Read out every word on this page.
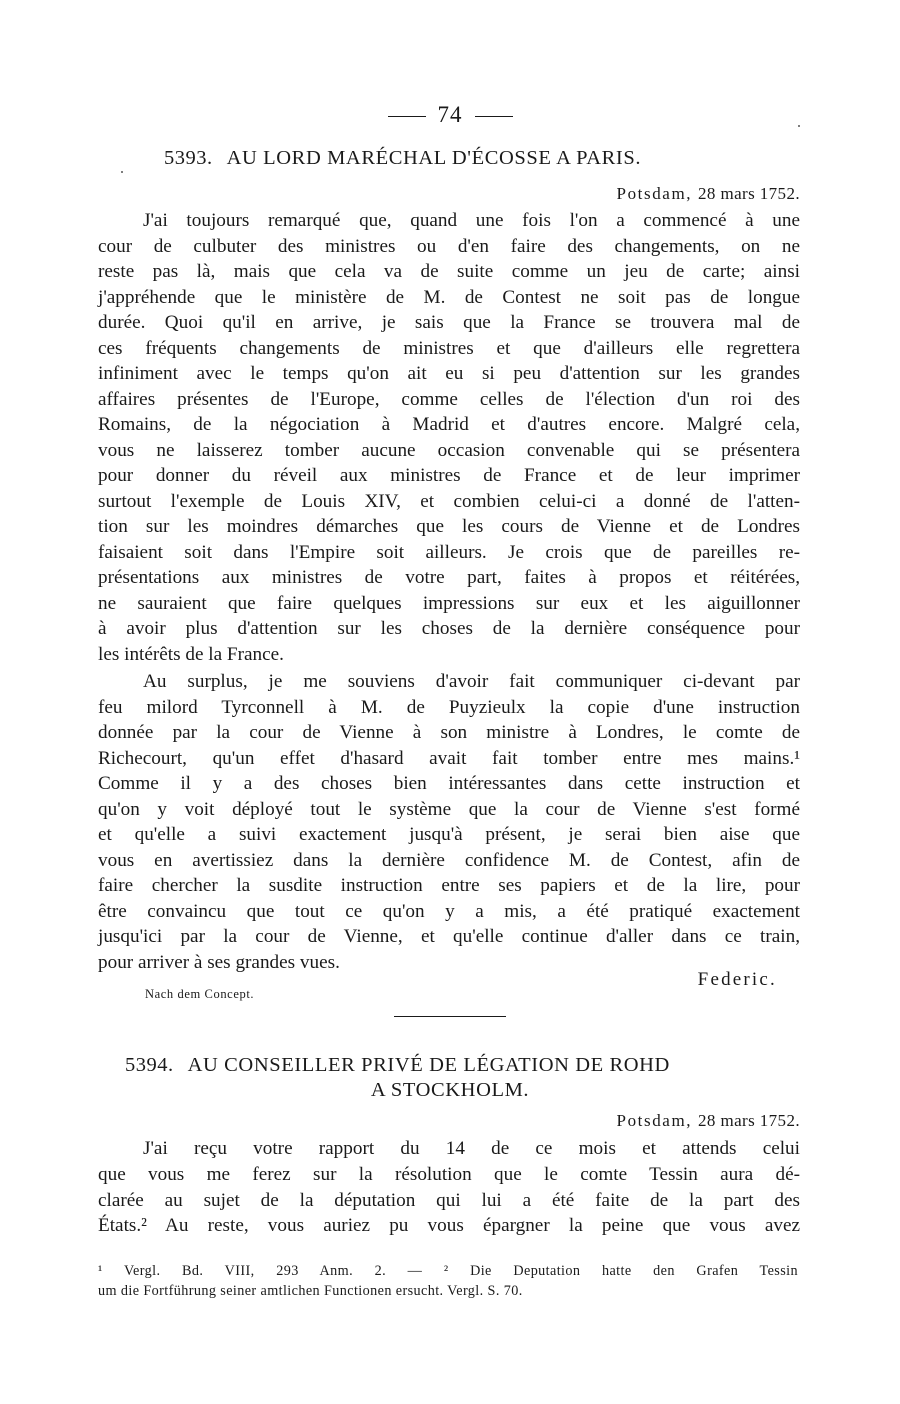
74
5393. AU LORD MARÉCHAL D'ÉCOSSE A PARIS.
Potsdam, 28 mars 1752.
J'ai toujours remarqué que, quand une fois l'on a commencé à une
cour de culbuter des ministres ou d'en faire des changements, on ne
reste pas là, mais que cela va de suite comme un jeu de carte; ainsi
j'appréhende que le ministère de M. de Contest ne soit pas de longue
durée. Quoi qu'il en arrive, je sais que la France se trouvera mal de
ces fréquents changements de ministres et que d'ailleurs elle regrettera
infiniment avec le temps qu'on ait eu si peu d'attention sur les grandes
affaires présentes de l'Europe, comme celles de l'élection d'un roi des
Romains, de la négociation à Madrid et d'autres encore. Malgré cela,
vous ne laisserez tomber aucune occasion convenable qui se présentera
pour donner du réveil aux ministres de France et de leur imprimer
surtout l'exemple de Louis XIV, et combien celui-ci a donné de l'atten-
tion sur les moindres démarches que les cours de Vienne et de Londres
faisaient soit dans l'Empire soit ailleurs. Je crois que de pareilles re-
présentations aux ministres de votre part, faites à propos et réitérées,
ne sauraient que faire quelques impressions sur eux et les aiguillonner
à avoir plus d'attention sur les choses de la dernière conséquence pour
les intérêts de la France.
Au surplus, je me souviens d'avoir fait communiquer ci-devant par
feu milord Tyrconnell à M. de Puyzieulx la copie d'une instruction
donnée par la cour de Vienne à son ministre à Londres, le comte de
Richecourt, qu'un effet d'hasard avait fait tomber entre mes mains.¹
Comme il y a des choses bien intéressantes dans cette instruction et
qu'on y voit déployé tout le système que la cour de Vienne s'est formé
et qu'elle a suivi exactement jusqu'à présent, je serai bien aise que
vous en avertissiez dans la dernière confidence M. de Contest, afin de
faire chercher la susdite instruction entre ses papiers et de la lire, pour
être convaincu que tout ce qu'on y a mis, a été pratiqué exactement
jusqu'ici par la cour de Vienne, et qu'elle continue d'aller dans ce train,
pour arriver à ses grandes vues.
Federic.
Nach dem Concept.
5394. AU CONSEILLER PRIVÉ DE LÉGATION DE ROHD
A STOCKHOLM.
Potsdam, 28 mars 1752.
J'ai reçu votre rapport du 14 de ce mois et attends celui
que vous me ferez sur la résolution que le comte Tessin aura dé-
clarée au sujet de la députation qui lui a été faite de la part des
États.² Au reste, vous auriez pu vous épargner la peine que vous avez
¹ Vergl. Bd. VIII, 293 Anm. 2. — ² Die Deputation hatte den Grafen Tessin
um die Fortführung seiner amtlichen Functionen ersucht. Vergl. S. 70.
